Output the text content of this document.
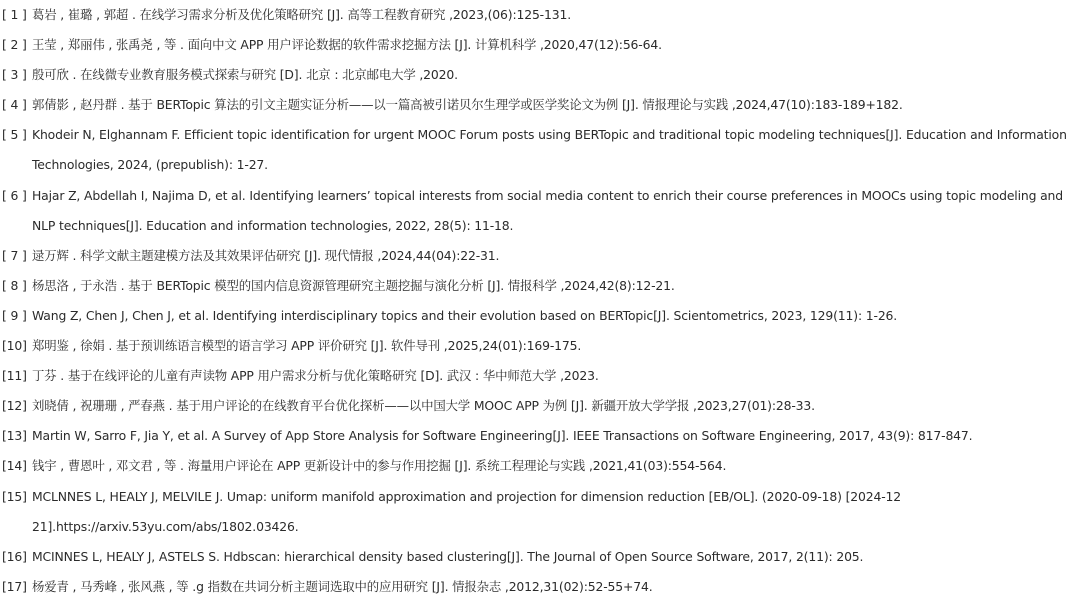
[ 1 ] 葛岩 , 崔璐 , 郭超 . 在线学习需求分析及优化策略研究 [J]. 高等工程教育研究 ,2023,(06):125-131.
[ 2 ] 王莹 , 郑丽伟 , 张禹尧 , 等 . 面向中文 APP 用户评论数据的软件需求挖掘方法 [J]. 计算机科学 ,2020,47(12):56-64.
[ 3 ] 殷可欣 . 在线微专业教育服务模式探索与研究 [D]. 北京 : 北京邮电大学 ,2020.
[ 4 ] 郭倩影 , 赵丹群 . 基于 BERTopic 算法的引文主题实证分析——以一篇高被引诺贝尔生理学或医学奖论文为例 [J]. 情报理论与实践 ,2024,47(10):183-189+182.
[ 5 ] Khodeir N, Elghannam F. Efficient topic identification for urgent MOOC Forum posts using BERTopic and traditional topic modeling techniques[J]. Education and Information Technologies, 2024, (prepublish): 1-27.
[ 6 ] Hajar Z, Abdellah I, Najima D, et al. Identifying learners’ topical interests from social media content to enrich their course preferences in MOOCs using topic modeling and NLP techniques[J]. Education and information technologies, 2022, 28(5): 11-18.
[ 7 ] 逯万辉 . 科学文献主题建模方法及其效果评估研究 [J]. 现代情报 ,2024,44(04):22-31.
[ 8 ] 杨思洛 , 于永浩 . 基于 BERTopic 模型的国内信息资源管理研究主题挖掘与演化分析 [J]. 情报科学 ,2024,42(8):12-21.
[ 9 ] Wang Z, Chen J, Chen J, et al. Identifying interdisciplinary topics and their evolution based on BERTopic[J]. Scientometrics, 2023, 129(11): 1-26.
[10] 郑明鉴 , 徐娟 . 基于预训练语言模型的语言学习 APP 评价研究 [J]. 软件导刊 ,2025,24(01):169-175.
[11] 丁芬 . 基于在线评论的儿童有声读物 APP 用户需求分析与优化策略研究 [D]. 武汉 : 华中师范大学 ,2023.
[12] 刘晓倩 , 祝珊珊 , 严春燕 . 基于用户评论的在线教育平台优化探析——以中国大学 MOOC APP 为例 [J]. 新疆开放大学学报 ,2023,27(01):28-33.
[13] Martin W, Sarro F, Jia Y, et al. A Survey of App Store Analysis for Software Engineering[J]. IEEE Transactions on Software Engineering, 2017, 43(9): 817-847.
[14] 钱宇 , 曹恩叶 , 邓文君 , 等 . 海量用户评论在 APP 更新设计中的参与作用挖掘 [J]. 系统工程理论与实践 ,2021,41(03):554-564.
[15] MCLNNES L, HEALY J, MELVILE J. Umap: uniform manifold approximation and projection for dimension reduction [EB/OL]. (2020-09-18) [2024-12 21].https://arxiv.53yu.com/abs/1802.03426.
[16] MCINNES L, HEALY J, ASTELS S. Hdbscan: hierarchical density based clustering[J]. The Journal of Open Source Software, 2017, 2(11): 205.
[17] 杨爱青 , 马秀峰 , 张风燕 , 等 .g 指数在共词分析主题词选取中的应用研究 [J]. 情报杂志 ,2012,31(02):52-55+74.
